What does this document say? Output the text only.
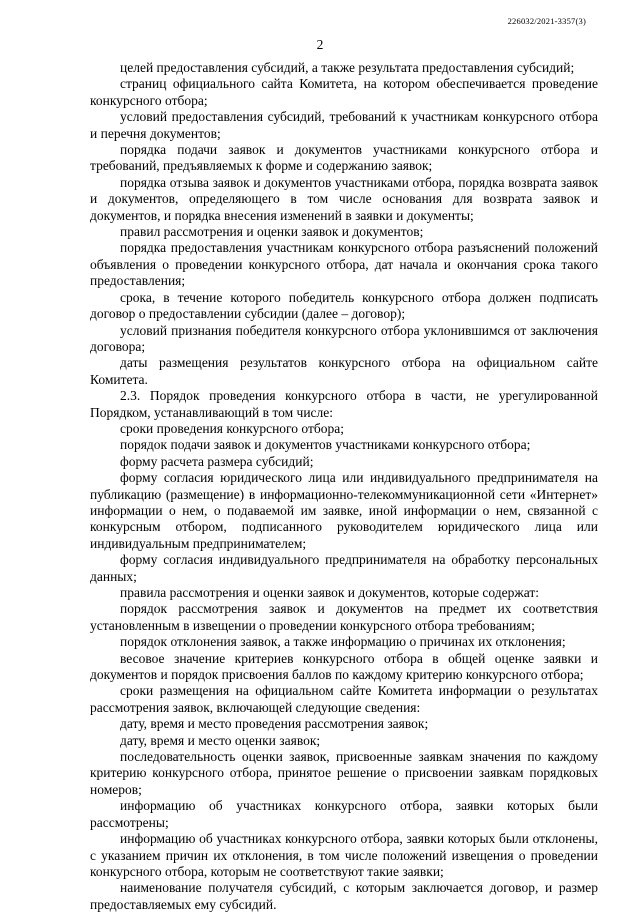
226032/2021-3357(3)
2

целей предоставления субсидий, а также результата предоставления субсидий;

страниц официального сайта Комитета, на котором обеспечивается проведение конкурсного отбора;

условий предоставления субсидий, требований к участникам конкурсного отбора и перечня документов;

порядка подачи заявок и документов участниками конкурсного отбора и требований, предъявляемых к форме и содержанию заявок;

порядка отзыва заявок и документов участниками отбора, порядка возврата заявок и документов, определяющего в том числе основания для возврата заявок и документов, и порядка внесения изменений в заявки и документы;

правил рассмотрения и оценки заявок и документов;

порядка предоставления участникам конкурсного отбора разъяснений положений объявления о проведении конкурсного отбора, дат начала и окончания срока такого предоставления;

срока, в течение которого победитель конкурсного отбора должен подписать договор о предоставлении субсидии (далее – договор);

условий признания победителя конкурсного отбора уклонившимся от заключения договора;

даты размещения результатов конкурсного отбора на официальном сайте Комитета.

2.3. Порядок проведения конкурсного отбора в части, не урегулированной Порядком, устанавливающий в том числе:

сроки проведения конкурсного отбора;

порядок подачи заявок и документов участниками конкурсного отбора;

форму расчета размера субсидий;

форму согласия юридического лица или индивидуального предпринимателя на публикацию (размещение) в информационно-телекоммуникационной сети «Интернет» информации о нем, о подаваемой им заявке, иной информации о нем, связанной с конкурсным отбором, подписанного руководителем юридического лица или индивидуальным предпринимателем;

форму согласия индивидуального предпринимателя на обработку персональных данных;

правила рассмотрения и оценки заявок и документов, которые содержат:

порядок рассмотрения заявок и документов на предмет их соответствия установленным в извещении о проведении конкурсного отбора требованиям;

порядок отклонения заявок, а также информацию о причинах их отклонения;

весовое значение критериев конкурсного отбора в общей оценке заявки и документов и порядок присвоения баллов по каждому критерию конкурсного отбора;

сроки размещения на официальном сайте Комитета информации о результатах рассмотрения заявок, включающей следующие сведения:

дату, время и место проведения рассмотрения заявок;

дату, время и место оценки заявок;

последовательность оценки заявок, присвоенные заявкам значения по каждому критерию конкурсного отбора, принятое решение о присвоении заявкам порядковых номеров;

информацию об участниках конкурсного отбора, заявки которых были рассмотрены;

информацию об участниках конкурсного отбора, заявки которых были отклонены, с указанием причин их отклонения, в том числе положений извещения о проведении конкурсного отбора, которым не соответствуют такие заявки;

наименование получателя субсидий, с которым заключается договор, и размер предоставляемых ему субсидий.
